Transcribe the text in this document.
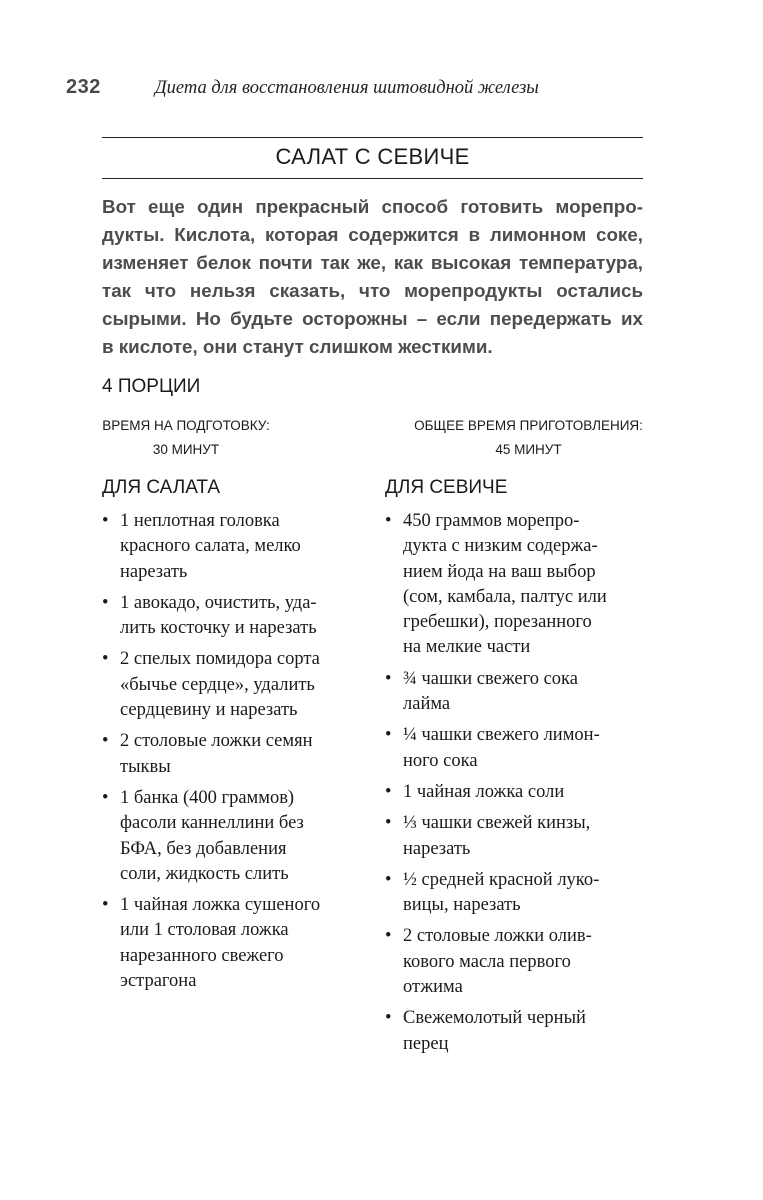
232	Диета для восстановления шитовидной железы
САЛАТ С СЕВИЧЕ

Вот еще один прекрасный способ готовить морепро-
дукты. Кислота, которая содержится в лимонном соке,
изменяет белок почти так же, как высокая температура,
так что нельзя сказать, что морепродукты остались
сырыми. Но будьте осторожны – если передержать их
в кислоте, они станут слишком жесткими.

4 ПОРЦИИ
ВРЕМЯ НА ПОДГОТОВКУ:
30 МИНУТ
ОБЩЕЕ ВРЕМЯ ПРИГОТОВЛЕНИЯ:
45 МИНУТ
ДЛЯ САЛАТА	ДЛЯ СЕВИЧЕ
• 1 неплотная головка
красного салата, мелко
нарезать
• 1 авокадо, очистить, уда-
лить косточку и нарезать
• 2 спелых помидора сорта
«бычье сердце», удалить
сердцевину и нарезать
• 2 столовые ложки семян
тыквы
• 1 банка (400 граммов)
фасоли каннеллини без
БФА, без добавления
соли, жидкость слить
• 1 чайная ложка сушеного
или 1 столовая ложка
нарезанного свежего
эстрагона
• 450 граммов морепро-
дукта с низким содержа-
нием йода на ваш выбор
(сом, камбала, палтус или
гребешки), порезанного
на мелкие части
• ¾ чашки свежего сока
лайма
• ¼ чашки свежего лимон-
ного сока
• 1 чайная ложка соли
• ⅓ чашки свежей кинзы,
нарезать
• ½ средней красной луко-
вицы, нарезать
• 2 столовые ложки олив-
кового масла первого
отжима
• Свежемолотый черный
перец
